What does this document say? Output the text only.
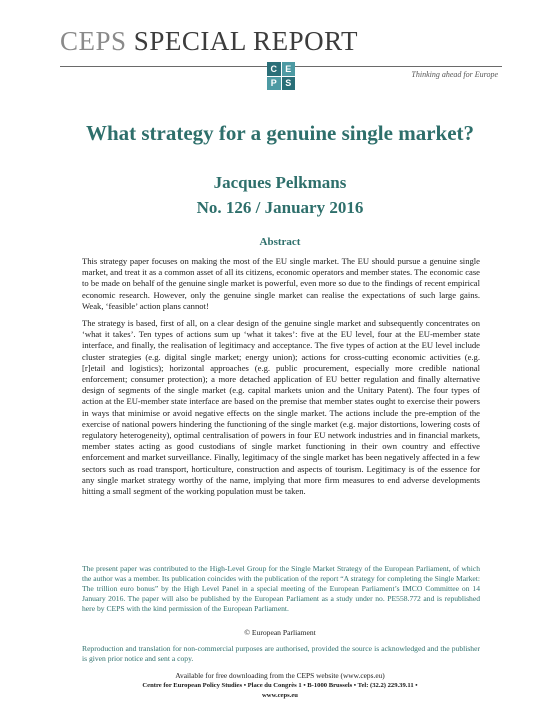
CEPS SPECIAL REPORT
C E
P S
Thinking ahead for Europe
What strategy for a genuine single market?
Jacques Pelkmans
No. 126 / January 2016
Abstract

This strategy paper focuses on making the most of the EU single market. The EU should pursue a genuine single market, and treat it as a common asset of all its citizens, economic operators and member states. The economic case to be made on behalf of the genuine single market is powerful, even more so due to the findings of recent empirical economic research. However, only the genuine single market can realise the expectations of such large gains. Weak, ‘feasible’ action plans cannot!

The strategy is based, first of all, on a clear design of the genuine single market and subsequently concentrates on ‘what it takes’. Ten types of actions sum up ‘what it takes’: five at the EU level, four at the EU-member state interface, and finally, the realisation of legitimacy and acceptance. The five types of action at the EU level include cluster strategies (e.g. digital single market; energy union); actions for cross-cutting economic activities (e.g. [r]etail and logistics); horizontal approaches (e.g. public procurement, especially more credible national enforcement; consumer protection); a more detached application of EU better regulation and finally alternative design of segments of the single market (e.g. capital markets union and the Unitary Patent). The four types of action at the EU-member state interface are based on the premise that member states ought to exercise their powers in ways that minimise or avoid negative effects on the single market. The actions include the pre-emption of the exercise of national powers hindering the functioning of the single market (e.g. major distortions, lowering costs of regulatory heterogeneity), optimal centralisation of powers in four EU network industries and in financial markets, member states acting as good custodians of single market functioning in their own country and effective enforcement and market surveillance. Finally, legitimacy of the single market has been negatively affected in a few sectors such as road transport, horticulture, construction and aspects of tourism. Legitimacy is of the essence for any single market strategy worthy of the name, implying that more firm measures to end adverse developments hitting a small segment of the working population must be taken.

The present paper was contributed to the High-Level Group for the Single Market Strategy of the European Parliament, of which the author was a member. Its publication coincides with the publication of the report “A strategy for completing the Single Market: The trillion euro bonus” by the High Level Panel in a special meeting of the European Parliament’s IMCO Committee on 14 January 2016. The paper will also be published by the European Parliament as a study under no. PE558.772 and is republished here by CEPS with the kind permission of the European Parliament.

© European Parliament

Reproduction and translation for non-commercial purposes are authorised, provided the source is acknowledged and the publisher is given prior notice and sent a copy.

Available for free downloading from the CEPS website (www.ceps.eu)
Centre for European Policy Studies • Place du Congrès 1 • B-1000 Brussels • Tel: (32.2) 229.39.11 •
www.ceps.eu
